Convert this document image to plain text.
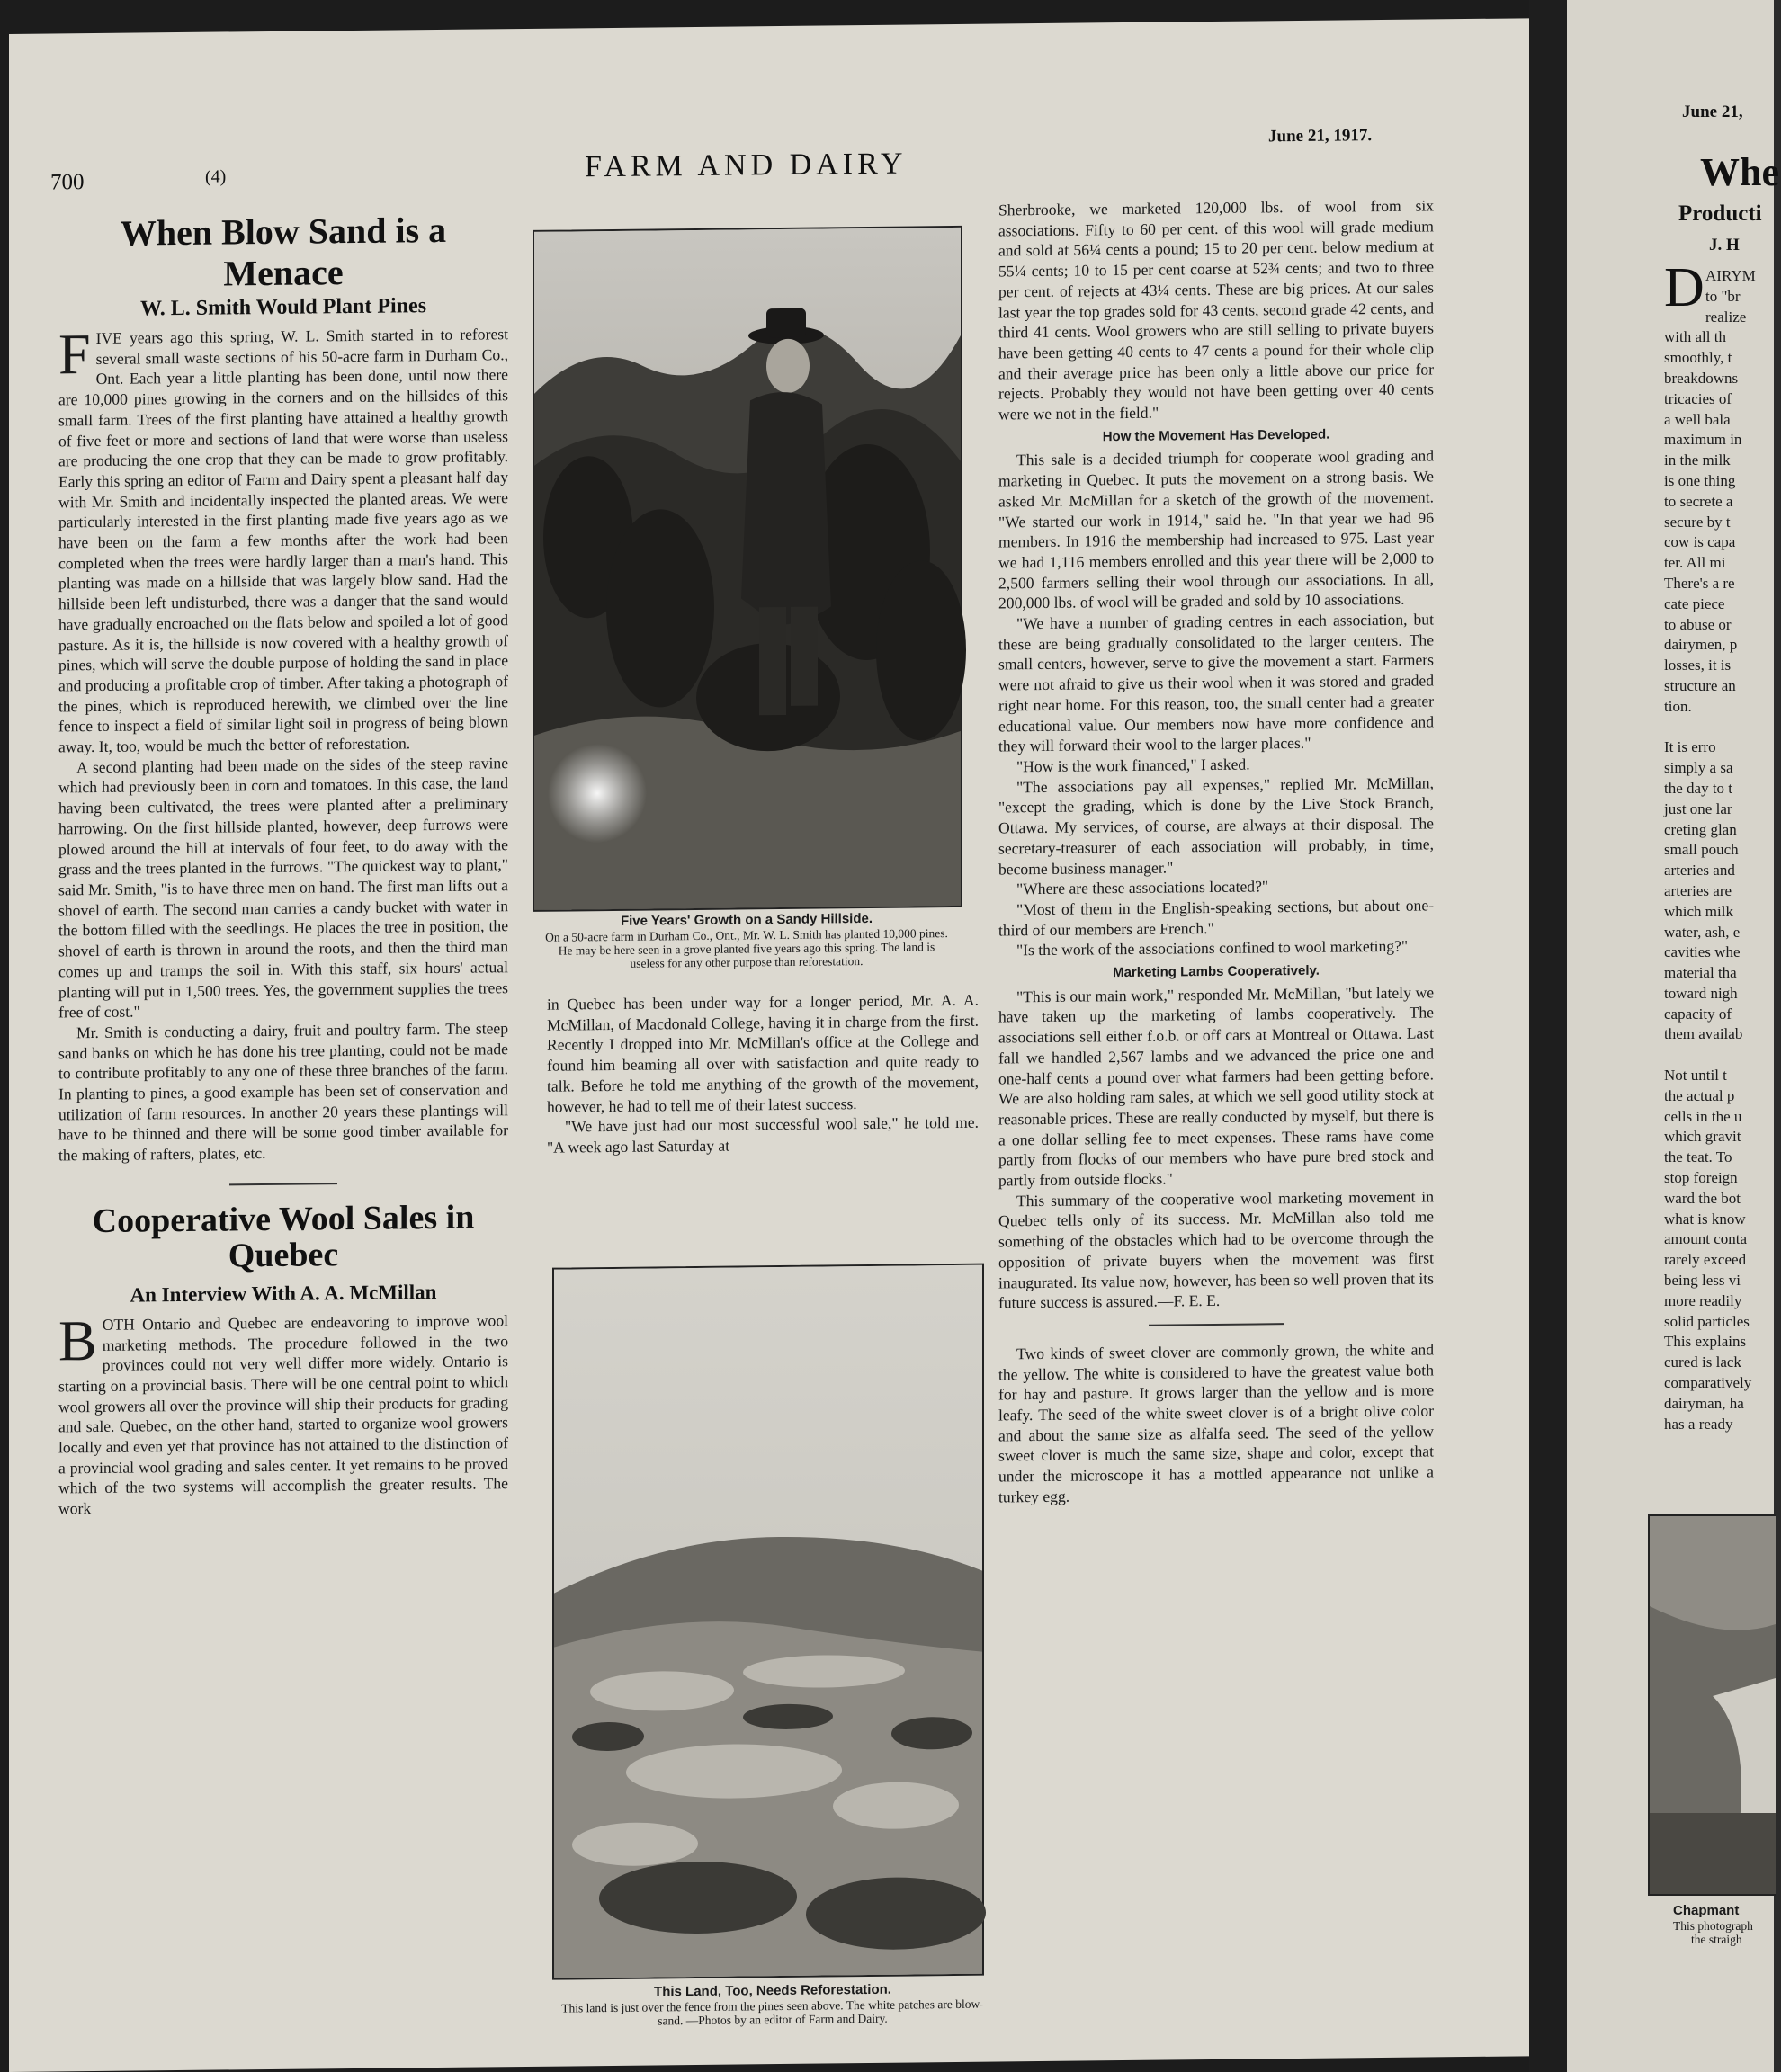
700	(4)	FARM AND DAIRY
June 21, 1917.
When Blow Sand is a Menace
W. L. Smith Would Plant Pines

FIVE years ago this spring, W. L. Smith started in to reforest several small waste sections of his 50-acre farm in Durham Co., Ont. Each year a little planting has been done, until now there are 10,000 pines growing in the corners and on the hillsides of this small farm. Trees of the first planting have attained a healthy growth of five feet or more and sections of land that were worse than useless are producing the one crop that they can be made to grow profitably. Early this spring an editor of Farm and Dairy spent a pleasant half day with Mr. Smith and incidentally inspected the planted areas. We were particularly interested in the first planting made five years ago as we have been on the farm a few months after the work had been completed when the trees were hardly larger than a man's hand. This planting was made on a hillside that was largely blow sand. Had the hillside been left undisturbed, there was a danger that the sand would have gradually encroached on the flats below and spoiled a lot of good pasture. As it is, the hillside is now covered with a healthy growth of pines, which will serve the double purpose of holding the sand in place and producing a profitable crop of timber. After taking a photograph of the pines, which is reproduced herewith, we climbed over the line fence to inspect a field of similar light soil in progress of being blown away. It, too, would be much the better of reforestation.

A second planting had been made on the sides of the steep ravine which had previously been in corn and tomatoes. In this case, the land having been cultivated, the trees were planted after a preliminary harrowing. On the first hillside planted, however, deep furrows were plowed around the hill at intervals of four feet, to do away with the grass and the trees planted in the furrows. "The quickest way to plant," said Mr. Smith, "is to have three men on hand. The first man lifts out a shovel of earth. The second man carries a candy bucket with water in the bottom filled with the seedlings. He places the tree in position, the shovel of earth is thrown in around the roots, and then the third man comes up and tramps the soil in. With this staff, six hours' actual planting will put in 1,500 trees. Yes, the government supplies the trees free of cost."

Mr. Smith is conducting a dairy, fruit and poultry farm. The steep sand banks on which he has done his tree planting, could not be made to contribute profitably to any one of these three branches of the farm. In planting to pines, a good example has been set of conservation and utilization of farm resources. In another 20 years these plantings will have to be thinned and there will be some good timber available for the making of rafters, plates, etc.

Cooperative Wool Sales in
Quebec
An Interview With A. A. McMillan

BOTH Ontario and Quebec are endeavoring to improve wool marketing methods. The procedure followed in the two provinces could not very well differ more widely. Ontario is starting on a provincial basis. There will be one central point to which wool growers all over the province will ship their products for grading and sale. Quebec, on the other hand, started to organize wool growers locally and even yet that province has not attained to the distinction of a provincial wool grading and sales center. It yet remains to be proved which of the two systems will accomplish the greater results. The work

Five Years' Growth on a Sandy Hillside.
On a 50-acre farm in Durham Co., Ont., Mr. W. L. Smith has planted 10,000 pines. He may be here seen in a grove planted five years ago this spring. The land is useless for any other purpose than reforestation.

in Quebec has been under way for a longer period, Mr. A. A. McMillan, of Macdonald College, having it in charge from the first. Recently I dropped into Mr. McMillan's office at the College and found him beaming all over with satisfaction and quite ready to talk. Before he told me anything of the growth of the movement, however, he had to tell me of their latest success.

"We have just had our most successful wool sale," he told me. "A week ago last Saturday at

This Land, Too, Needs Reforestation.
This land is just over the fence from the pines seen above. The white patches are blow-sand. —Photos by an editor of Farm and Dairy.

Sherbrooke, we marketed 120,000 lbs. of wool from six associations. Fifty to 60 per cent. of this wool will grade medium and sold at 56¼ cents a pound; 15 to 20 per cent. below medium at 55¼ cents; 10 to 15 per cent coarse at 52¾ cents; and two to three per cent. of rejects at 43¼ cents. These are big prices. At our sales last year the top grades sold for 43 cents, second grade 42 cents, and third 41 cents. Wool growers who are still selling to private buyers have been getting 40 cents to 47 cents a pound for their whole clip and their average price has been only a little above our price for rejects. Probably they would not have been getting over 40 cents were we not in the field."

How the Movement Has Developed.

This sale is a decided triumph for cooperate wool grading and marketing in Quebec. It puts the movement on a strong basis. We asked Mr. McMillan for a sketch of the growth of the movement. "We started our work in 1914," said he. "In that year we had 96 members. In 1916 the membership had increased to 975. Last year we had 1,116 members enrolled and this year there will be 2,000 to 2,500 farmers selling their wool through our associations. In all, 200,000 lbs. of wool will be graded and sold by 10 associations.

"We have a number of grading centres in each association, but these are being gradually consolidated to the larger centers. The small centers, however, serve to give the movement a start. Farmers were not afraid to give us their wool when it was stored and graded right near home. For this reason, too, the small center had a greater educational value. Our members now have more confidence and they will forward their wool to the larger places."

"How is the work financed," I asked.

"The associations pay all expenses," replied Mr. McMillan, "except the grading, which is done by the Live Stock Branch, Ottawa. My services, of course, are always at their disposal. The secretary-treasurer of each association will probably, in time, become business manager."

"Where are these associations located?"

"Most of them in the English-speaking sections, but about one-third of our members are French."

"Is the work of the associations confined to wool marketing?"

Marketing Lambs Cooperatively.

"This is our main work," responded Mr. McMillan, "but lately we have taken up the marketing of lambs cooperatively. The associations sell either f.o.b. or off cars at Montreal or Ottawa. Last fall we handled 2,567 lambs and we advanced the price one and one-half cents a pound over what farmers had been getting before. We are also holding ram sales, at which we sell good utility stock at reasonable prices. These are really conducted by myself, but there is a one dollar selling fee to meet expenses. These rams have come partly from flocks of our members who have pure bred stock and partly from outside flocks."

This summary of the cooperative wool marketing movement in Quebec tells only of its success. Mr. McMillan also told me something of the obstacles which had to be overcome through the opposition of private buyers when the movement was first inaugurated. Its value now, however, has been so well proven that its future success is assured.—F. E. E.

Two kinds of sweet clover are commonly grown, the white and the yellow. The white is considered to have the greatest value both for hay and pasture. It grows larger than the yellow and is more leafy. The seed of the white sweet clover is of a bright olive color and about the same size as alfalfa seed. The seed of the yellow sweet clover is much the same size, shape and color, except that under the microscope it has a mottled appearance not unlike a turkey egg.

June 21,
Whe
Producti
J. H
D AIRYM
to "br
realize
with all th
smoothly, t
breakdowns
tricacies of
a well bala
maximum in
in the milk
is one thing
to secrete a
secure by t
cow is capa
ter. All mi
There's a re
cate piece
to abuse or
dairymen, p
losses, it is
structure an
tion.

It is erro
simply a sa
the day to t
just one lar
creting glan
small pouch
arteries and
arteries are
which milk
water, ash, e
cavities whe
material tha
toward nigh
capacity of
them availab

Not until t
the actual p
cells in the u
which gravit
the teat. To
stop foreign
ward the bot
what is know
amount conta
rarely exceed
being less vi
more readily
solid particles
This explains
cured is lack
comparatively
dairyman, ha
has a ready
Chapmant
This photograph
the straigh
